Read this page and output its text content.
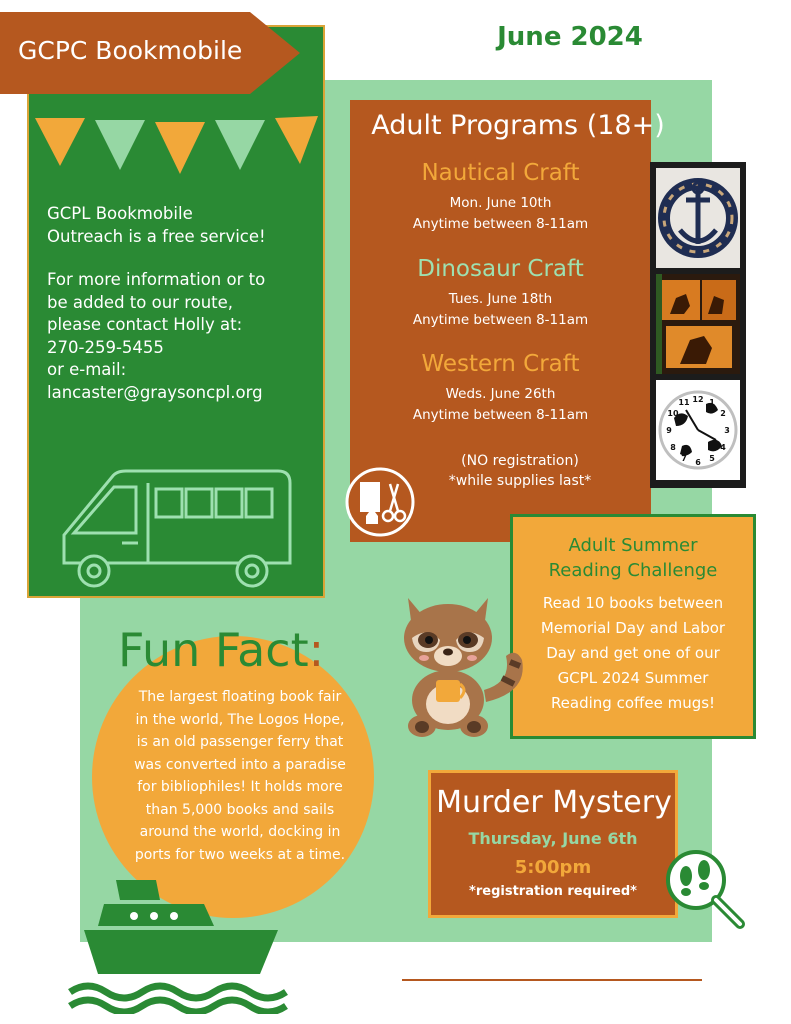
GCPC Bookmobile

GCPL Bookmobile

Outreach is a free service!

For more information or to

be added to our route,

please contact Holly at:

270-259-5455

or e-mail:

lancaster@graysoncpl.org

June 2024
Adult Programs (18+)
Nautical Craft
Mon. June 10th
Anytime between 8-11am
Dinosaur Craft
Tues. June 18th
Anytime between 8-11am
Western Craft
Weds. June 26th
Anytime between 8-11am
(NO registration)
*while supplies last*
12 1
2
3
4
5
6
7
8
9
10
11
Adult Summer
Reading Challenge
Read 10 books between
Memorial Day and Labor
Day and get one of our
GCPL 2024 Summer
Reading coffee mugs!
Fun Fact:
The largest floating book fair
in the world, The Logos Hope,
is an old passenger ferry that
was converted into a paradise
for bibliophiles! It holds more
than 5,000 books and sails
around the world, docking in
ports for two weeks at a time.
Murder Mystery
Thursday, June 6th
5:00pm
*registration required*
